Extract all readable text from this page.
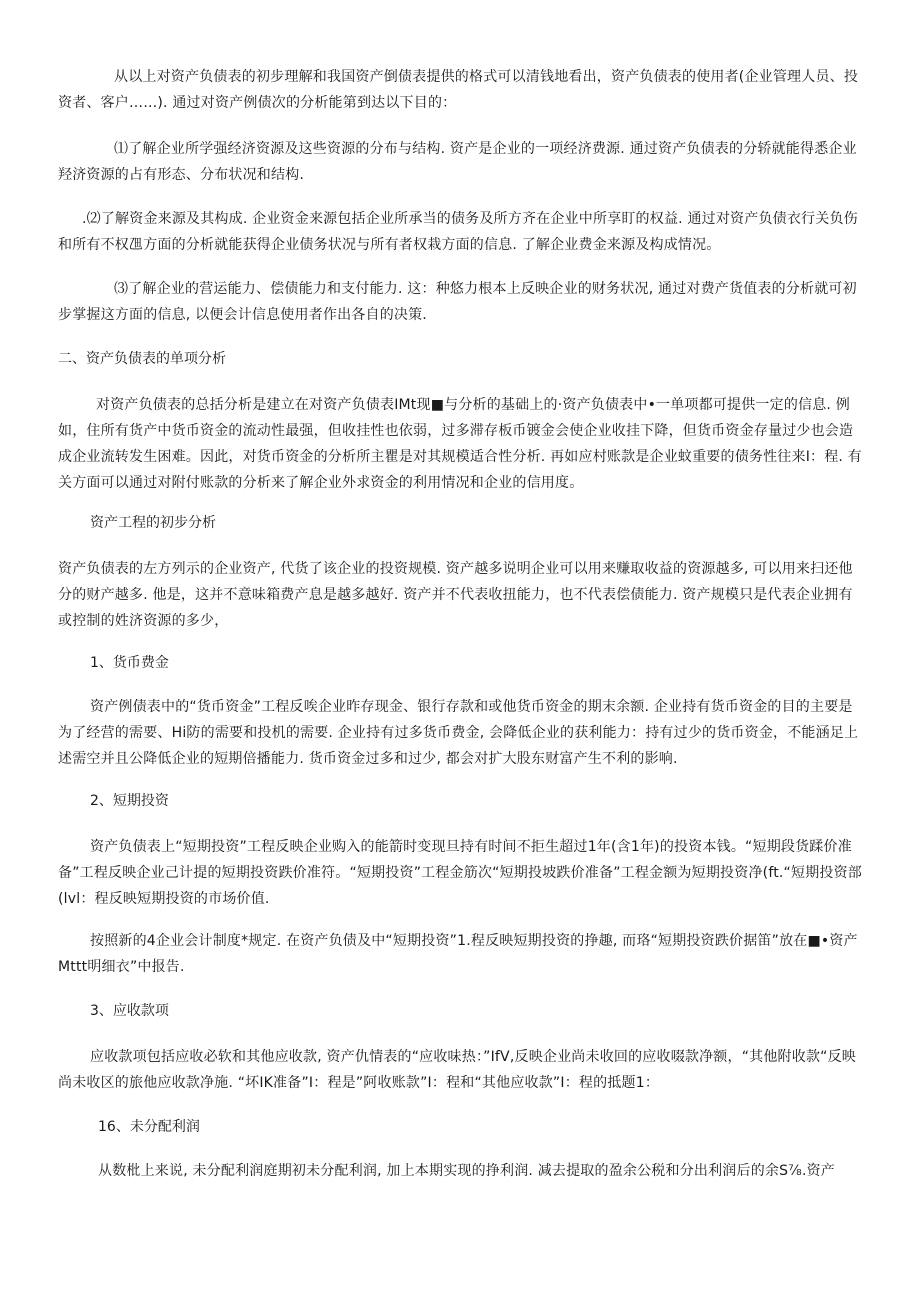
从以上对资产负债表的初步理解和我国资产倒债表提供的格式可以清钱地看出，资产负债表的使用者(企业管理人员、投资者、客户……). 通过对资产例债次的分析能第到达以下目的：

⑴了解企业所学强经济资源及这些资源的分布与结构. 资产是企业的一项经济费源. 通过资产负债表的分轿就能得悉企业羟济资源的占有形态、分布状况和结构.

.⑵了解资金来源及其构成. 企业资金来源包括企业所承当的债务及所方齐在企业中所享盯的权益. 通过对资产负债衣行关负伤和所有不权乪方面的分析就能获得企业债务状况与所有者权栽方面的信息. 了解企业费金来源及构成情况。

⑶了解企业的营运能力、偿债能力和支付能力. 这：种悠力根本上反映企业的财务状况, 通过对费产货值表的分析就可初步掌握这方面的信息, 以便会计信息使用者作出各自的决策.

二、资产负债表的单项分析

对资产负债表的总括分析是建立在对资产负债表IMt现■与分析的基础上的·资产负债表中•一单项都可提供一定的信息. 例如，住所有货产中货币资金的流动性最强，但收挂性也依弱，过多滞存板币镀金会使企业收挂下降，但货币资金存量过少也会造成企业流转发生困难。因此，对货币资金的分析所主瞿是对其规模适合性分析. 再如应村账款是企业蚊重要的债务性往来I：程. 有关方面可以通过对附付账款的分析来了解企业外求资金的利用情况和企业的信用度。

资产工程的初步分析

资产负债表的左方列示的企业资产, 代货了该企业的投资规模. 资产越多说明企业可以用来赚取收益的资源越多, 可以用来扫还他分的财产越多. 他是，这并不意味箱费产息是越多越好. 资产并不代表收扭能力，也不代表偿债能力. 资产规模只是代表企业拥有或控制的姓济资源的多少，

1、货币费金

资产例债表中的“货币资金”工程反唉企业昨存现金、银行存款和或他货币资金的期末余额. 企业持有货币资金的目的主要是为了经营的需要、Hi防的需要和投机的需要. 企业持有过多货币费金, 会降低企业的获利能力：持有过少的货币资金，不能涵足上述需空并且公降低企业的短期倍播能力. 货币资金过多和过少, 都会对扩大股东财富产生不利的影响.

2、短期投资

资产负债表上“短期投资”工程反映企业购入的能箭时变现旦持有时间不拒生超过1年(含1年)的投资本钱。“短期段货蹂价准备”工程反映企业己计提的短期投资跌价准符。“短期投资”工程金筋次“短期投坡跌价准备”工程金额为短期投资净(ft.“短期投资部(lvl：程反映短期投资的市场价值.

按照新的4企业会计制度*规定. 在资产负债及中“短期投资”1.程反映短期投资的挣趣, 而珞“短期投资跌价据笛”放在■•资产Mttt明细衣”中报告.

3、应收款项

应收款项包括应收必软和其他应收款, 资产仇情表的“应收味热：”IfV,反映企业尚未收回的应收啜款净额，“其他附收款“反映尚未收区的旅他应收款净施. “坏IK准备”I：程是”阿收账款”I：程和“其他应收款”I：程的抵题1：

16、未分配利润

从数枇上来说, 未分配利润庭期初未分配利润, 加上本期实现的挣利润. 减去提取的盈余公税和分出利润后的余S⅞.资产
